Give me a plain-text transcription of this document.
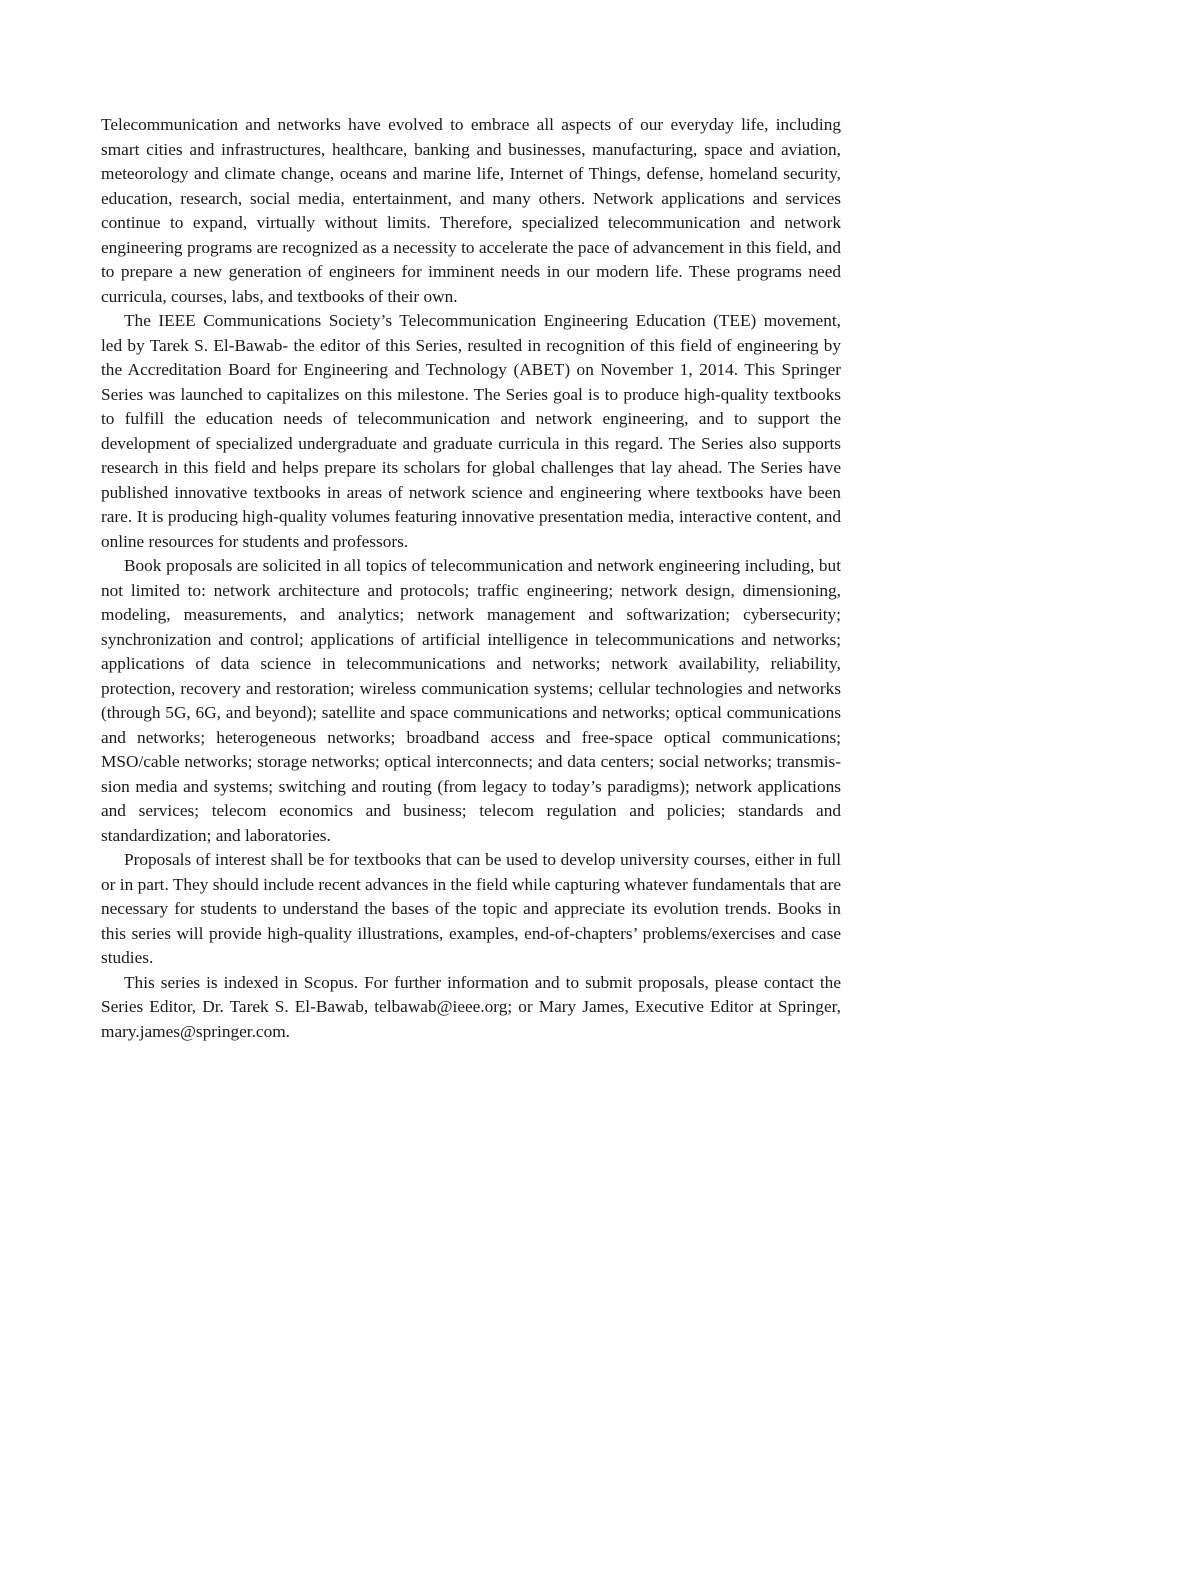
Telecommunication and networks have evolved to embrace all aspects of our everyday life, including smart cities and infrastructures, healthcare, banking and businesses, manufacturing, space and aviation, meteorology and climate change, oceans and marine life, Internet of Things, defense, homeland security, education, research, social media, entertainment, and many others. Network applications and services continue to expand, virtually without limits. Therefore, specialized telecommunication and network engineering programs are recognized as a necessity to accelerate the pace of advancement in this field, and to prepare a new generation of engineers for imminent needs in our modern life. These programs need curricula, courses, labs, and textbooks of their own.

The IEEE Communications Society’s Telecommunication Engineering Education (TEE) movement, led by Tarek S. El-Bawab- the editor of this Series, resulted in recognition of this field of engineering by the Accreditation Board for Engineering and Technology (ABET) on November 1, 2014. This Springer Series was launched to capitalizes on this milestone. The Series goal is to produce high-quality textbooks to fulfill the education needs of telecommunication and network engineering, and to support the development of specialized undergraduate and graduate curricula in this regard. The Series also supports research in this field and helps prepare its scholars for global challenges that lay ahead. The Series have published innovative textbooks in areas of network science and engineering where textbooks have been rare. It is producing high-quality volumes featuring innovative presentation media, interactive content, and online resources for students and professors.

Book proposals are solicited in all topics of telecommunication and network engineering including, but not limited to: network architecture and protocols; traffic engineering; network design, dimensioning, modeling, measurements, and analytics; network management and softwarization; cybersecurity; synchronization and control; applications of artificial intelligence in telecommunications and networks; applications of data science in telecommunications and networks; network availability, reliability, protection, recovery and restoration; wireless communication systems; cellular technologies and networks (through 5G, 6G, and beyond); satellite and space communications and networks; optical communications and networks; heterogeneous networks; broadband access and free-space optical communications; MSO/cable networks; storage networks; optical interconnects; and data centers; social networks; transmission media and systems; switching and routing (from legacy to today’s paradigms); network applications and services; telecom economics and business; telecom regulation and policies; standards and standardization; and laboratories.

Proposals of interest shall be for textbooks that can be used to develop university courses, either in full or in part. They should include recent advances in the field while capturing whatever fundamentals that are necessary for students to understand the bases of the topic and appreciate its evolution trends. Books in this series will provide high-quality illustrations, examples, end-of-chapters’ problems/exercises and case studies.

This series is indexed in Scopus. For further information and to submit proposals, please contact the Series Editor, Dr. Tarek S. El-Bawab, telbawab@ieee.org; or Mary James, Executive Editor at Springer, mary.james@springer.com.
